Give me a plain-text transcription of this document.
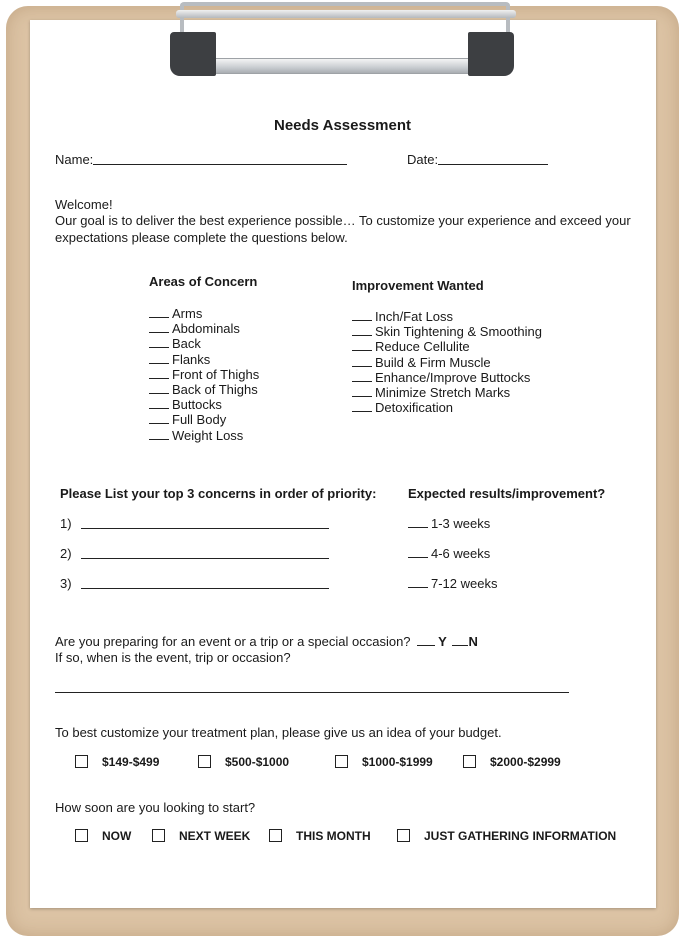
Needs Assessment
Name:	Date:
Welcome!
Our goal is to deliver the best experience possible… To customize your experience and exceed your
expectations please complete the questions below.
Areas of Concern
Arms
Abdominals
Back
Flanks
Front of Thighs
Back of Thighs
Buttocks
Full Body
Weight Loss
Improvement Wanted
Inch/Fat Loss
Skin Tightening & Smoothing
Reduce Cellulite
Build & Firm Muscle
Enhance/Improve Buttocks
Minimize Stretch Marks
Detoxification
Please List your top 3 concerns in order of priority:
1)
2)
3)
Expected results/improvement?
1-3 weeks
4-6 weeks
7-12 weeks
Are you preparing for an event or a trip or a special occasion? Y N
If so, when is the event, trip or occasion?
To best customize your treatment plan, please give us an idea of your budget.
$149-$499	$500-$1000	$1000-$1999	$2000-$2999
How soon are you looking to start?
NOW	NEXT WEEK	THIS MONTH	JUST GATHERING INFORMATION
